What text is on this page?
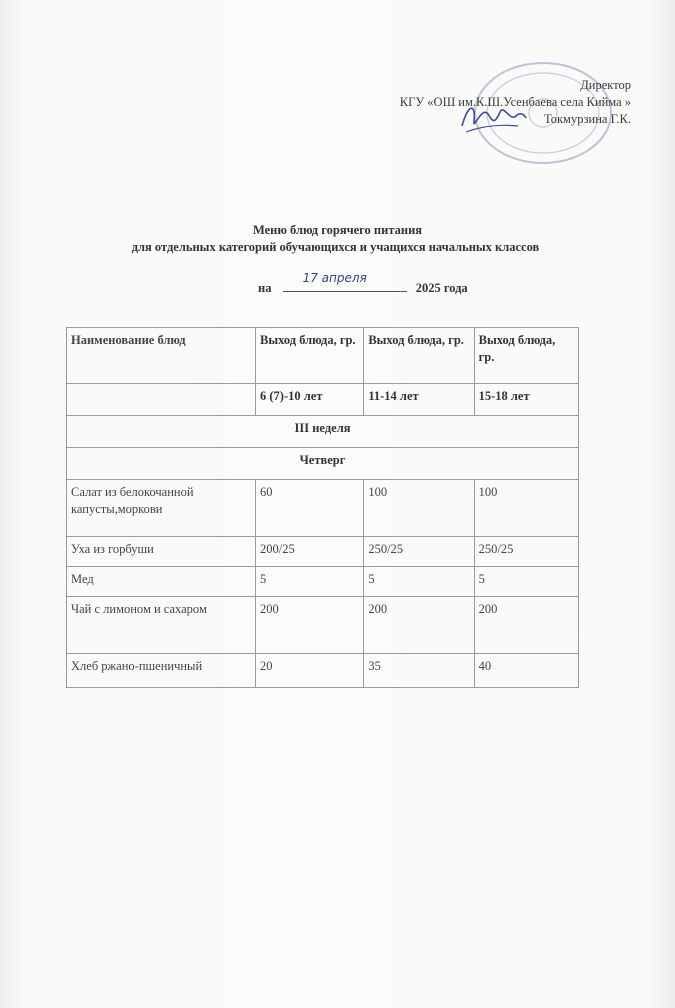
Директор
КГУ «ОШ им.К.Ш.Усенбаева села Кийма »
Токмурзина Г.К.
Меню блюд горячего питания
для отдельных категорий обучающихся и учащихся начальных классов
на
17 апреля
2025 года
Наименование блюд	Выход блюда, гр.	Выход блюда, гр.	Выход блюда, гр.
	6 (7)-10 лет	11-14 лет	15-18 лет
III неделя			
Четверг			
Салат из белокочанной капусты,моркови	60	100	100
Уха из горбуши	200/25	250/25	250/25
Мед	5	5	5
Чай с лимоном и сахаром	200	200	200
Хлеб ржано-пшеничный	20	35	40
